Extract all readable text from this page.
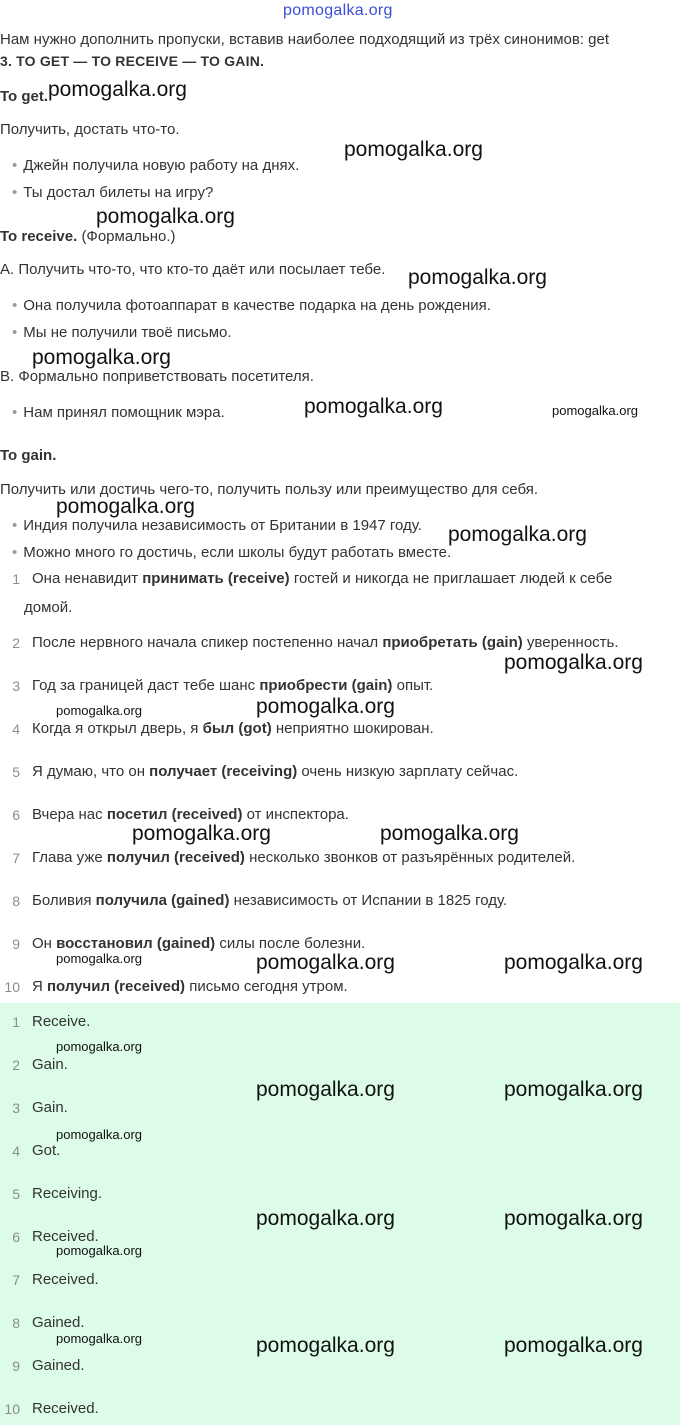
pomogalka.org
Нам нужно дополнить пропуски, вставив наиболее подходящий из трёх синонимов: get
3. TO GET — TO RECEIVE — TO GAIN.
To get.
Получить, достать что-то.
• Джейн получила новую работу на днях.
• Ты достал билеты на игру?
To receive. (Формально.)
A. Получить что-то, что кто-то даёт или посылает тебе.
• Она получила фотоаппарат в качестве подарка на день рождения.
• Мы не получили твоё письмо.
B. Формально поприветствовать посетителя.
• Нам принял помощник мэра.
To gain.
Получить или достичь чего-то, получить пользу или преимущество для себя.
• Индия получила независимость от Британии в 1947 году.
• Можно много го достичь, если школы будут работать вместе.
1 Она ненавидит принимать (receive) гостей и никогда не приглашает людей к себе
домой.
2 После нервного начала спикер постепенно начал приобретать (gain) уверенность.
3 Год за границей даст тебе шанс приобрести (gain) опыт.
4 Когда я открыл дверь, я был (got) неприятно шокирован.
5 Я думаю, что он получает (receiving) очень низкую зарплату сейчас.
6 Вчера нас посетил (received) от инспектора.
7 Глава уже получил (received) несколько звонков от разъярённых родителей.
8 Боливия получила (gained) независимость от Испании в 1825 году.
9 Он восстановил (gained) силы после болезни.
10 Я получил (received) письмо сегодня утром.
1 Receive.
2 Gain.
3 Gain.
4 Got.
5 Receiving.
6 Received.
7 Received.
8 Gained.
9 Gained.
10 Received.
pomogalka.org
pomogalka.org
pomogalka.org
pomogalka.org
pomogalka.org
pomogalka.org	pomogalka.org
pomogalka.org
pomogalka.org
pomogalka.org
pomogalka.org	pomogalka.org
pomogalka.org	pomogalka.org
pomogalka.org	pomogalka.org	pomogalka.org
pomogalka.org
pomogalka.org	pomogalka.org
pomogalka.org
pomogalka.org	pomogalka.org
pomogalka.org
pomogalka.org	pomogalka.org	pomogalka.org
